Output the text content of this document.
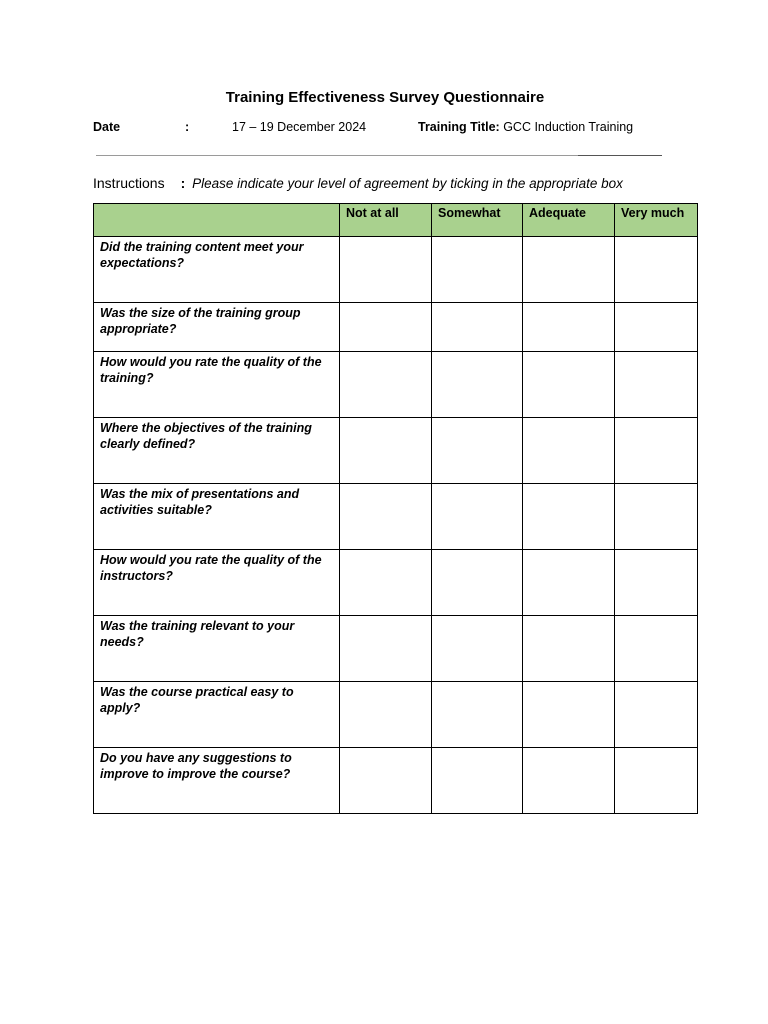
Training Effectiveness Survey Questionnaire
Date	:	17 – 19 December 2024	Training Title: GCC Induction Training
Instructions : Please indicate your level of agreement by ticking in the appropriate box
	Not at all	Somewhat	Adequate	Very much
Did the training content meet your expectations?				
Was the size of the training group appropriate?				
How would you rate the quality of the training?				
Where the objectives of the training clearly defined?				
Was the mix of presentations and activities suitable?				
How would you rate the quality of the instructors?				
Was the training relevant to your needs?				
Was the course practical easy to apply?				
Do you have any suggestions to improve to improve the course?				
